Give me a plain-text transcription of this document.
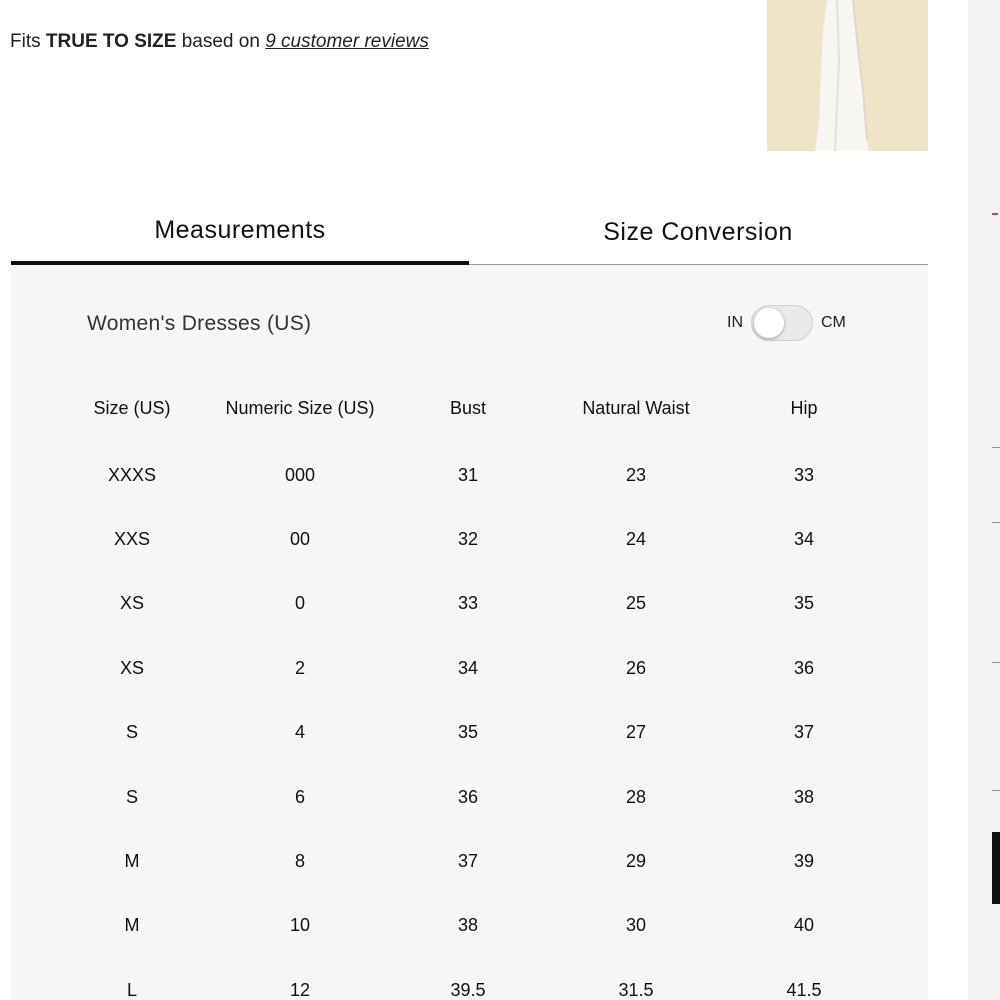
Fits TRUE TO SIZE based on 9 customer reviews
Measurements	Size Conversion
Women's Dresses (US)	IN	CM
Size (US)	Numeric Size (US)	Bust	Natural Waist	Hip
XXXS	000	31	23	33
XXS	00	32	24	34
XS	0	33	25	35
XS	2	34	26	36
S	4	35	27	37
S	6	36	28	38
M	8	37	29	39
M	10	38	30	40
L	12	39.5	31.5	41.5
